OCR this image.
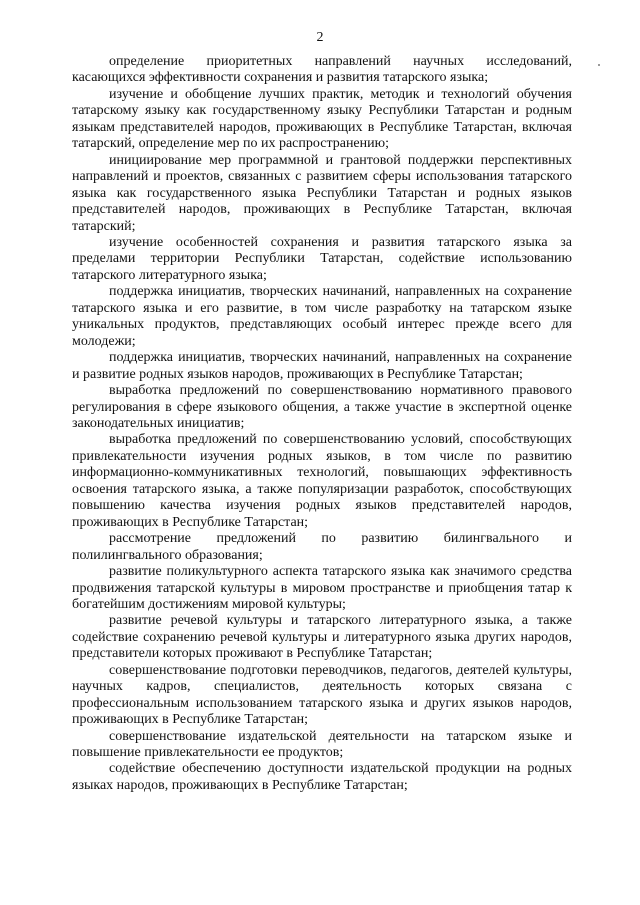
2

определение приоритетных направлений научных исследований, касающихся эффективности сохранения и развития татарского языка;

изучение и обобщение лучших практик, методик и технологий обучения татарскому языку как государственному языку Республики Татарстан и родным языкам представителей народов, проживающих в Республике Татарстан, включая татарский, определение мер по их распространению;

инициирование мер программной и грантовой поддержки перспективных направлений и проектов, связанных с развитием сферы использования татарского языка как государственного языка Республики Татарстан и родных языков представителей народов, проживающих в Республике Татарстан, включая татарский;

изучение особенностей сохранения и развития татарского языка за пределами территории Республики Татарстан, содействие использованию татарского литературного языка;

поддержка инициатив, творческих начинаний, направленных на сохранение татарского языка и его развитие, в том числе разработку на татарском языке уникальных продуктов, представляющих особый интерес прежде всего для молодежи;

поддержка инициатив, творческих начинаний, направленных на сохранение и развитие родных языков народов, проживающих в Республике Татарстан;

выработка предложений по совершенствованию нормативного правового регулирования в сфере языкового общения, а также участие в экспертной оценке законодательных инициатив;

выработка предложений по совершенствованию условий, способствующих привлекательности изучения родных языков, в том числе по развитию информационно-коммуникативных технологий, повышающих эффективность освоения татарского языка, а также популяризации разработок, способствующих повышению качества изучения родных языков представителей народов, проживающих в Республике Татарстан;

рассмотрение предложений по развитию билингвального и полилингвального образования;

развитие поликультурного аспекта татарского языка как значимого средства продвижения татарской культуры в мировом пространстве и приобщения татар к богатейшим достижениям мировой культуры;

развитие речевой культуры и татарского литературного языка, а также содействие сохранению речевой культуры и литературного языка других народов, представители которых проживают в Республике Татарстан;

совершенствование подготовки переводчиков, педагогов, деятелей культуры, научных кадров, специалистов, деятельность которых связана с профессиональным использованием татарского языка и других языков народов, проживающих в Республике Татарстан;

совершенствование издательской деятельности на татарском языке и повышение привлекательности ее продуктов;

содействие обеспечению доступности издательской продукции на родных языках народов, проживающих в Республике Татарстан;
